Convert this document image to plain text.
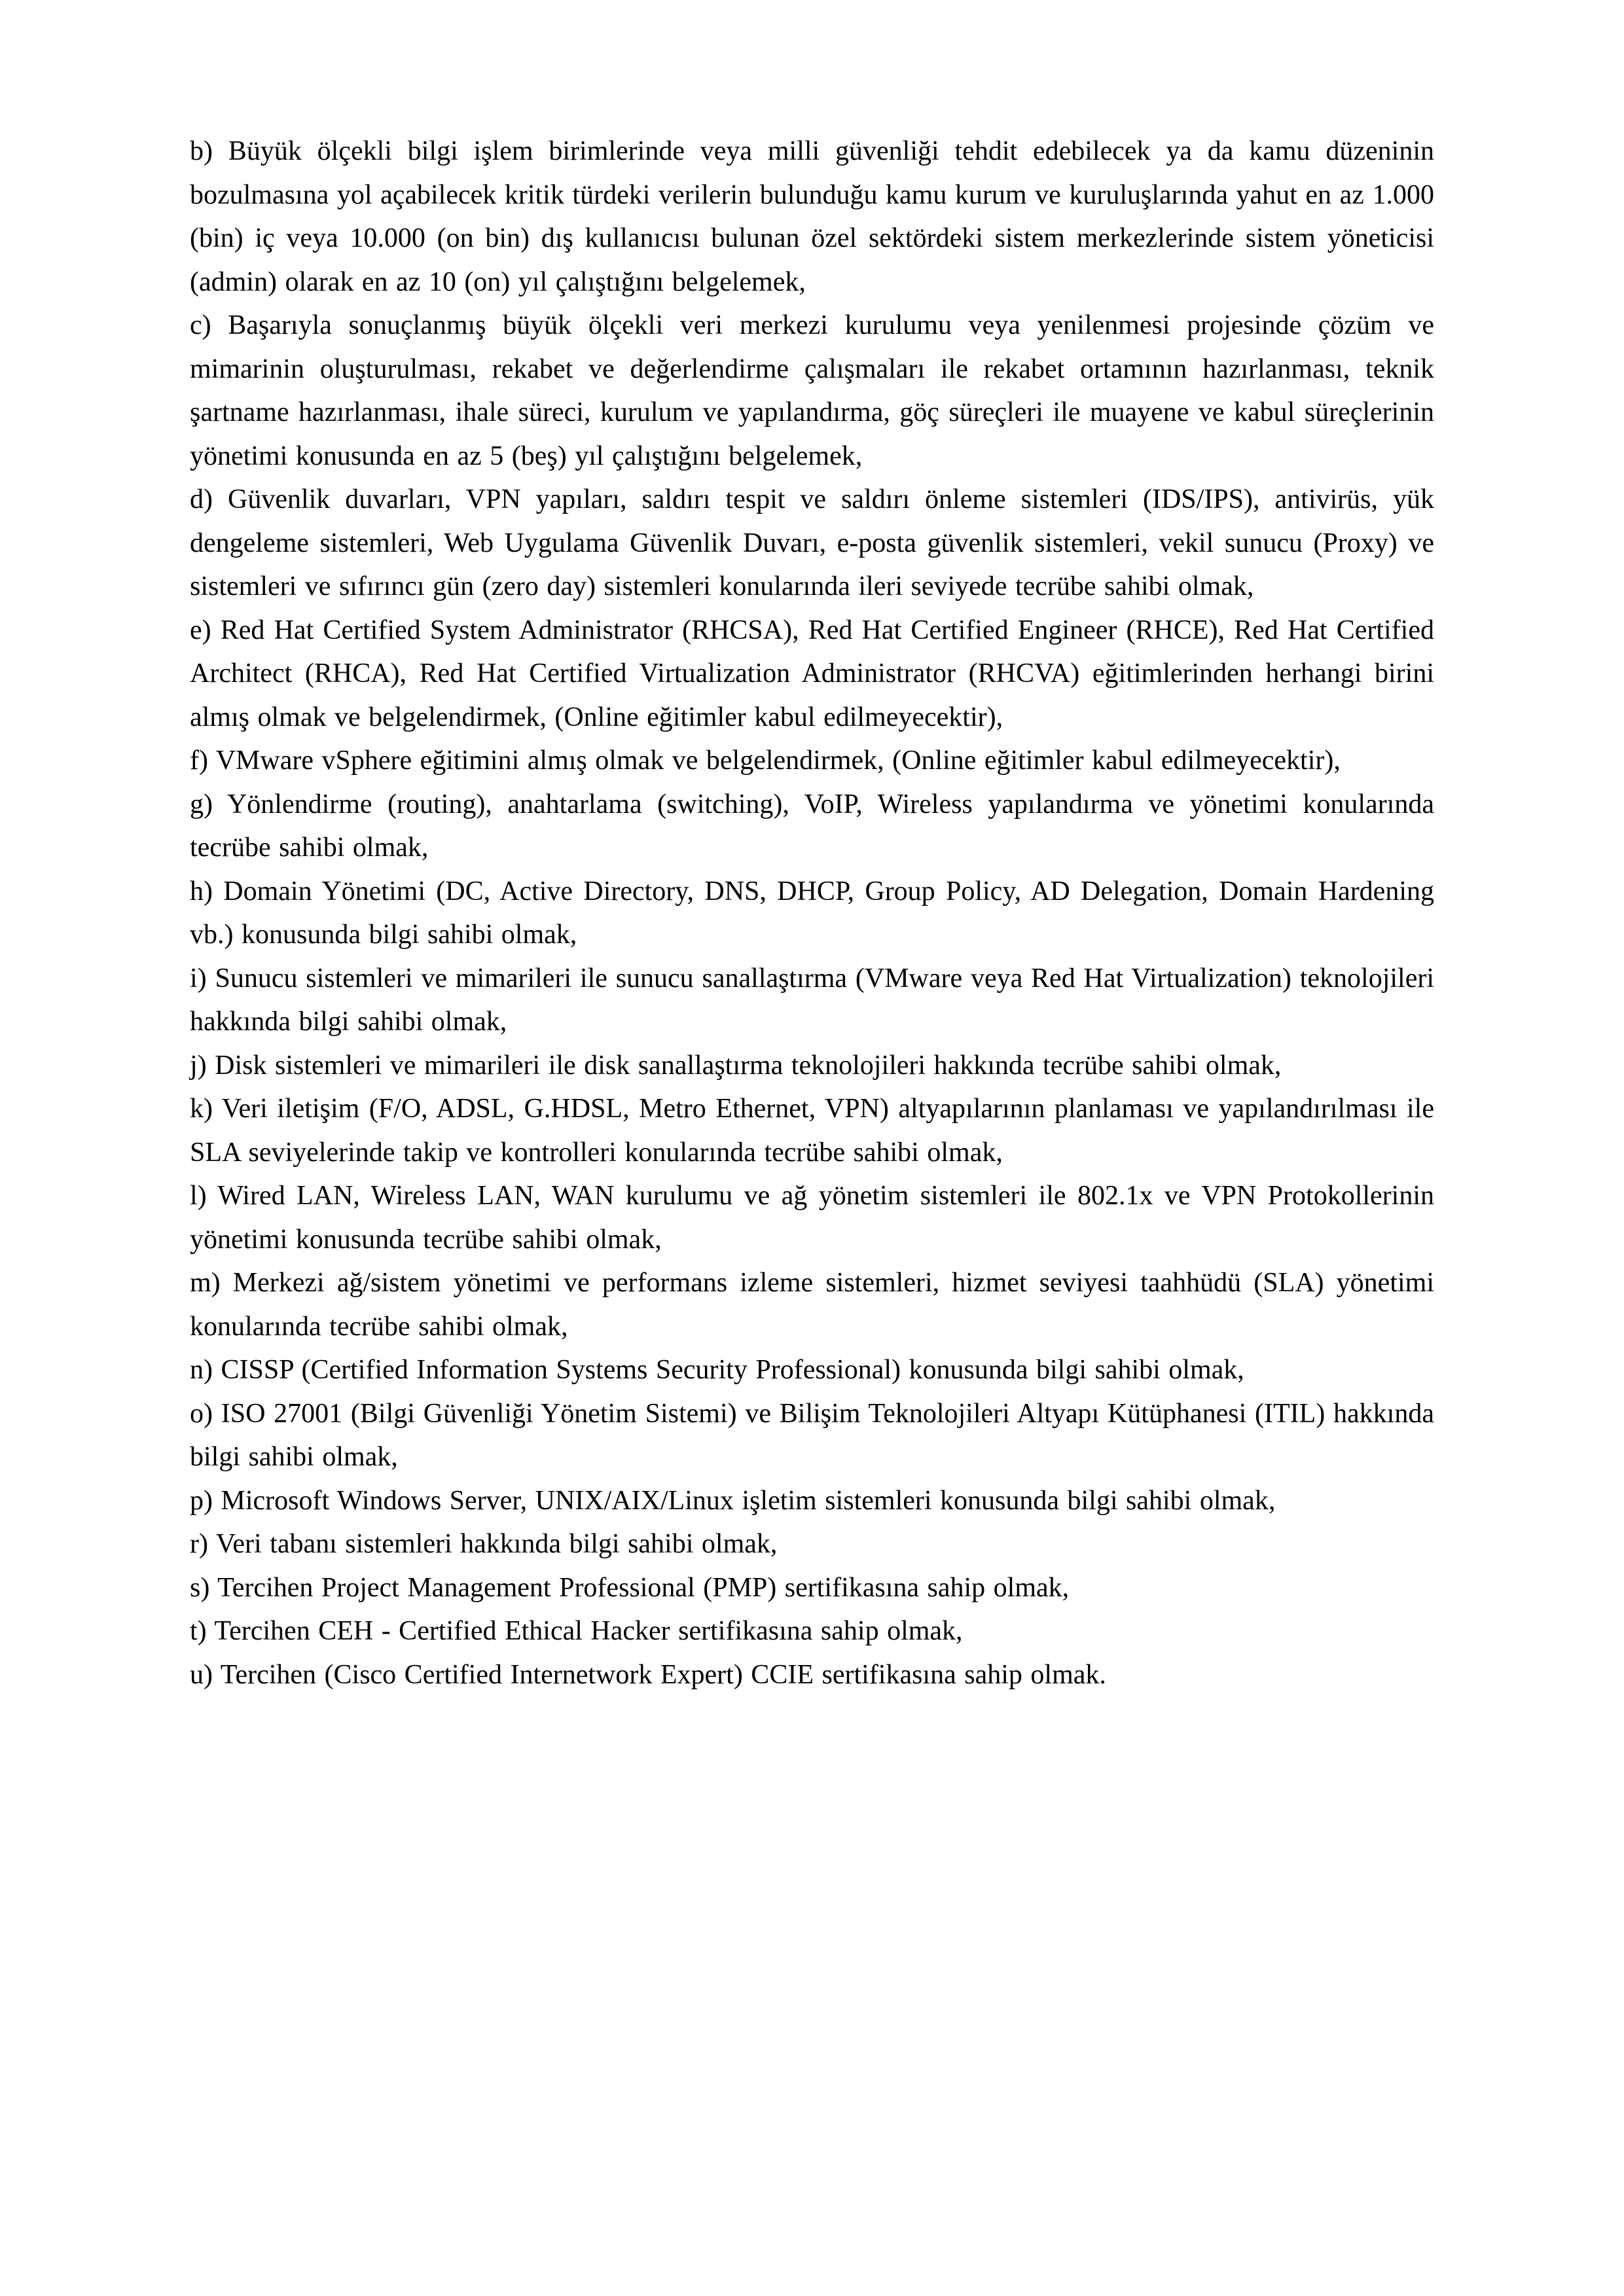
b) Büyük ölçekli bilgi işlem birimlerinde veya milli güvenliği tehdit edebilecek ya da kamu düzeninin bozulmasına yol açabilecek kritik türdeki verilerin bulunduğu kamu kurum ve kuruluşlarında yahut en az 1.000 (bin) iç veya 10.000 (on bin) dış kullanıcısı bulunan özel sektördeki sistem merkezlerinde sistem yöneticisi (admin) olarak en az 10 (on) yıl çalıştığını belgelemek,

c) Başarıyla sonuçlanmış büyük ölçekli veri merkezi kurulumu veya yenilenmesi projesinde çözüm ve mimarinin oluşturulması, rekabet ve değerlendirme çalışmaları ile rekabet ortamının hazırlanması, teknik şartname hazırlanması, ihale süreci, kurulum ve yapılandırma, göç süreçleri ile muayene ve kabul süreçlerinin yönetimi konusunda en az 5 (beş) yıl çalıştığını belgelemek,

d) Güvenlik duvarları, VPN yapıları, saldırı tespit ve saldırı önleme sistemleri (IDS/IPS), antivirüs, yük dengeleme sistemleri, Web Uygulama Güvenlik Duvarı, e-posta güvenlik sistemleri, vekil sunucu (Proxy) ve sistemleri ve sıfırıncı gün (zero day) sistemleri konularında ileri seviyede tecrübe sahibi olmak,

e) Red Hat Certified System Administrator (RHCSA), Red Hat Certified Engineer (RHCE), Red Hat Certified Architect (RHCA), Red Hat Certified Virtualization Administrator (RHCVA) eğitimlerinden herhangi birini almış olmak ve belgelendirmek, (Online eğitimler kabul edilmeyecektir),

f) VMware vSphere eğitimini almış olmak ve belgelendirmek, (Online eğitimler kabul edilmeyecektir),

g) Yönlendirme (routing), anahtarlama (switching), VoIP, Wireless yapılandırma ve yönetimi konularında tecrübe sahibi olmak,

h) Domain Yönetimi (DC, Active Directory, DNS, DHCP, Group Policy, AD Delegation, Domain Hardening vb.) konusunda bilgi sahibi olmak,

i) Sunucu sistemleri ve mimarileri ile sunucu sanallaştırma (VMware veya Red Hat Virtualization) teknolojileri hakkında bilgi sahibi olmak,

j) Disk sistemleri ve mimarileri ile disk sanallaştırma teknolojileri hakkında tecrübe sahibi olmak,

k) Veri iletişim (F/O, ADSL, G.HDSL, Metro Ethernet, VPN) altyapılarının planlaması ve yapılandırılması ile SLA seviyelerinde takip ve kontrolleri konularında tecrübe sahibi olmak,

l) Wired LAN, Wireless LAN, WAN kurulumu ve ağ yönetim sistemleri ile 802.1x ve VPN Protokollerinin yönetimi konusunda tecrübe sahibi olmak,

m) Merkezi ağ/sistem yönetimi ve performans izleme sistemleri, hizmet seviyesi taahhüdü (SLA) yönetimi konularında tecrübe sahibi olmak,

n) CISSP (Certified Information Systems Security Professional) konusunda bilgi sahibi olmak,

o) ISO 27001 (Bilgi Güvenliği Yönetim Sistemi) ve Bilişim Teknolojileri Altyapı Kütüphanesi (ITIL) hakkında bilgi sahibi olmak,

p) Microsoft Windows Server, UNIX/AIX/Linux işletim sistemleri konusunda bilgi sahibi olmak,

r) Veri tabanı sistemleri hakkında bilgi sahibi olmak,

s) Tercihen Project Management Professional (PMP) sertifikasına sahip olmak,

t) Tercihen CEH - Certified Ethical Hacker sertifikasına sahip olmak,

u) Tercihen (Cisco Certified Internetwork Expert) CCIE sertifikasına sahip olmak.
